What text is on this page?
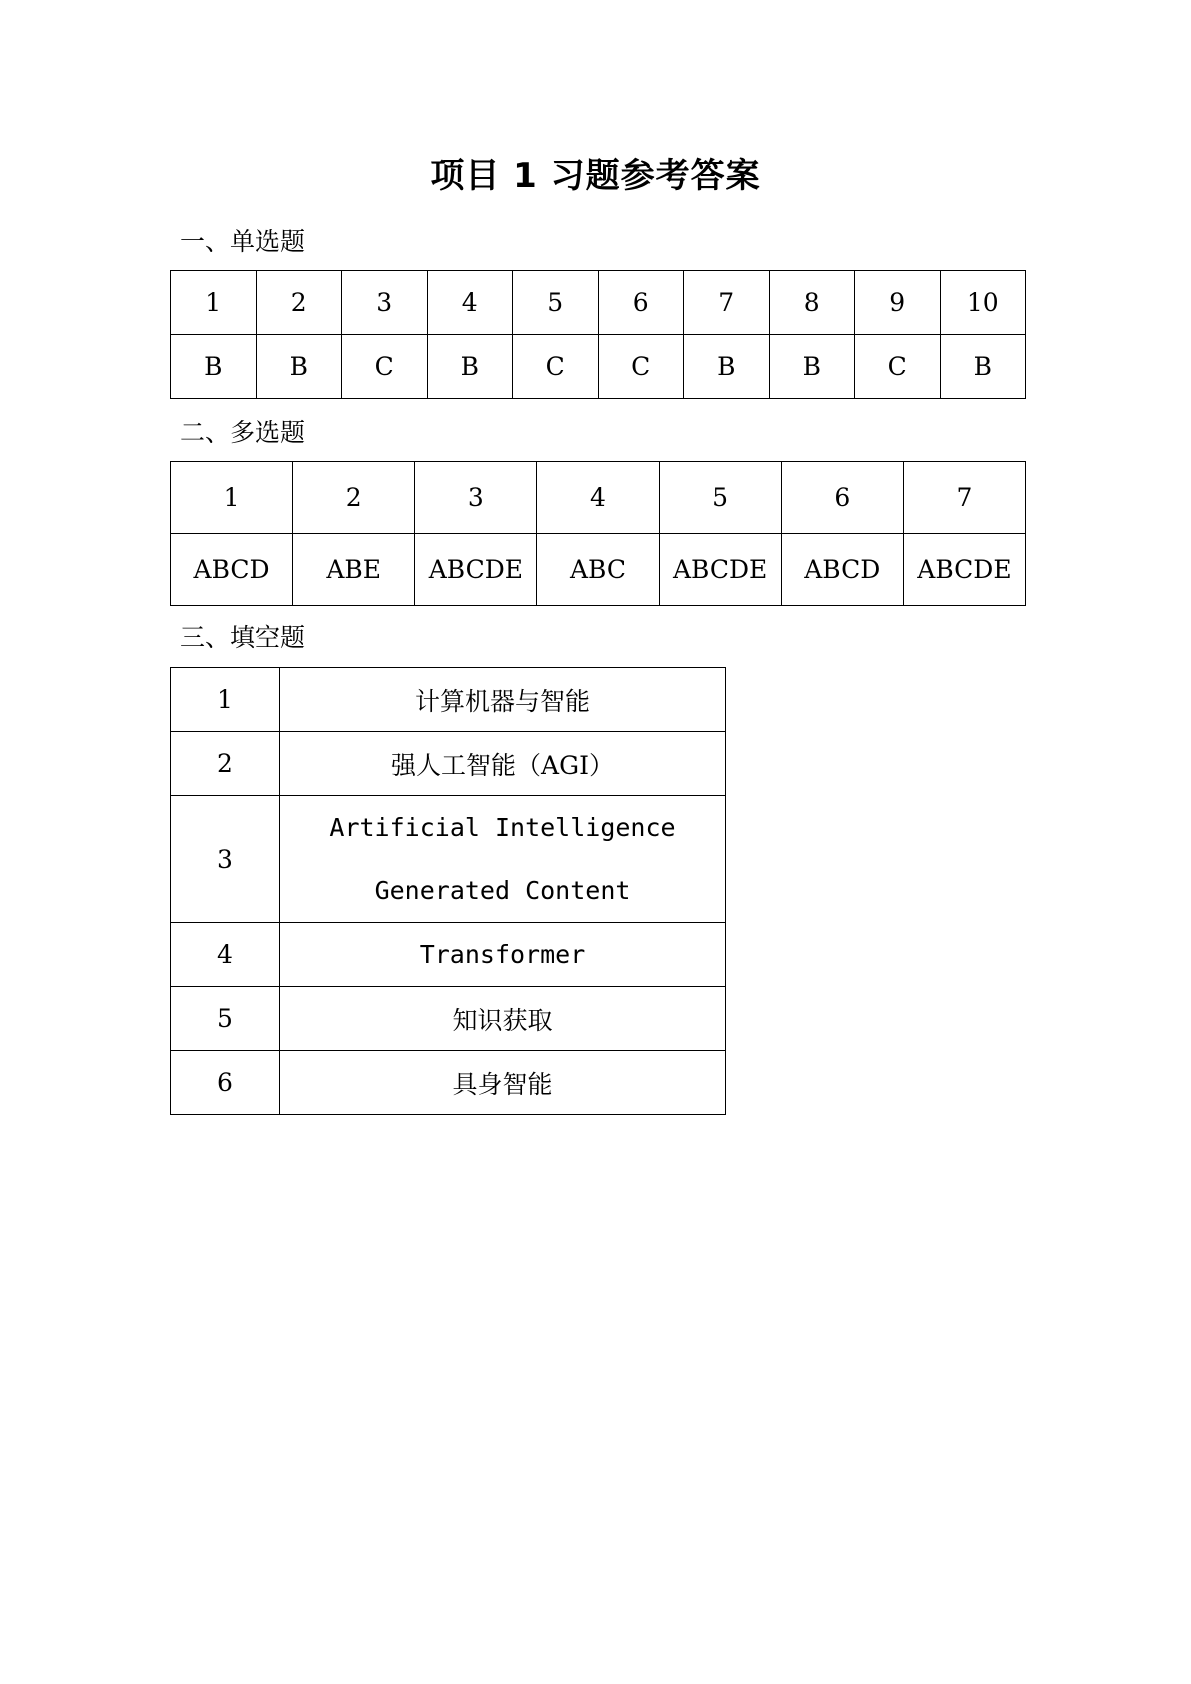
项目 1 习题参考答案
一、单选题
1	2	3	4	5	6	7	8	9	10
B	B	C	B	C	C	B	B	C	B
二、多选题
1	2	3	4	5	6	7
ABCD	ABE	ABCDE	ABC	ABCDE	ABCD	ABCDE
三、填空题
1	计算机器与智能
2	强人工智能（AGI）
3	Artificial Intelligence
Generated Content

4	Transformer
5	知识获取
6	具身智能
